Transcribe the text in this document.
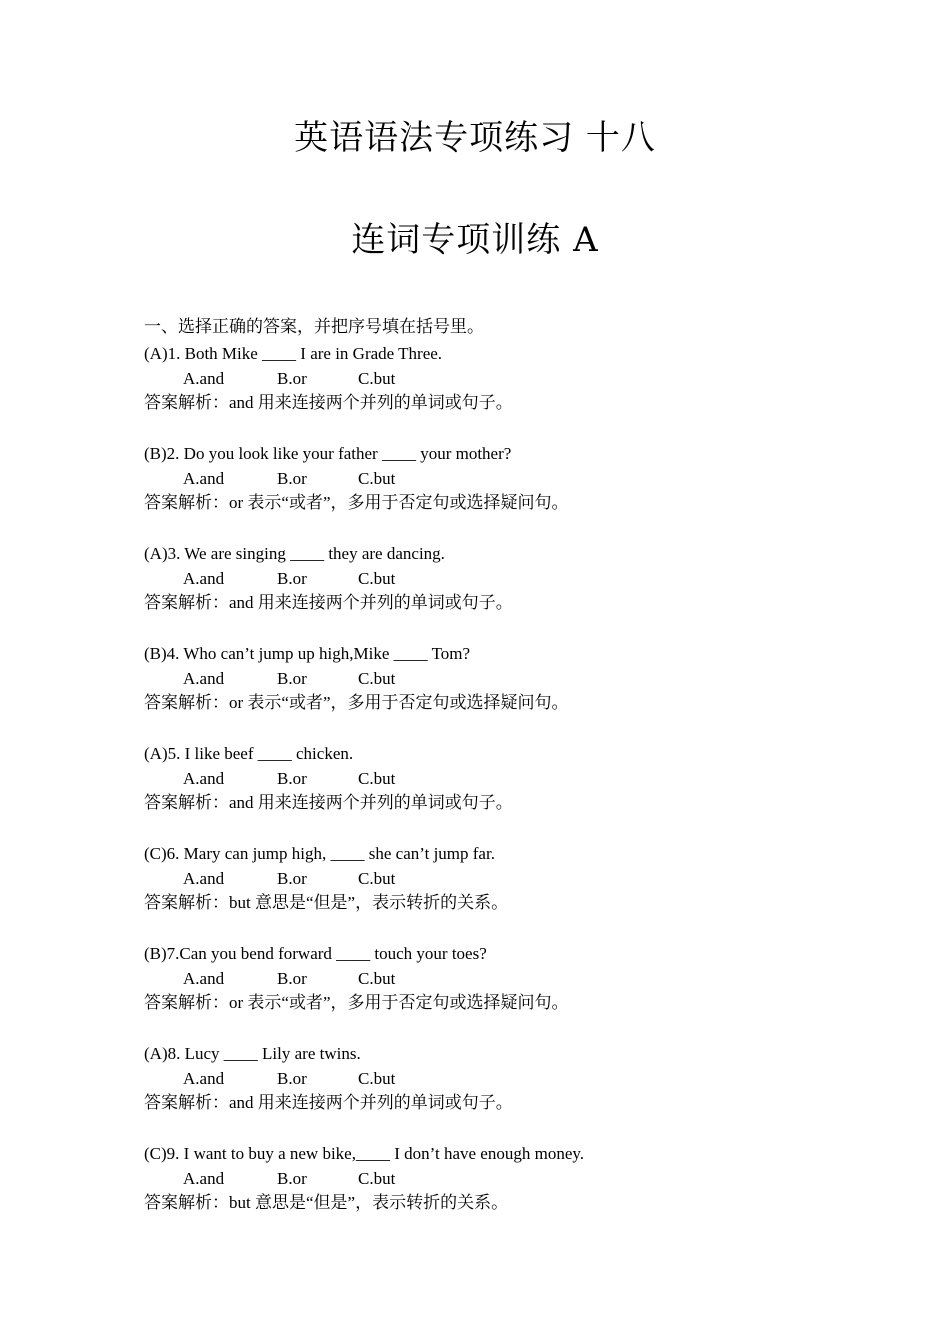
英语语法专项练习 十八
连词专项训练 A
一、选择正确的答案，并把序号填在括号里。
(A)1. Both Mike ____ I are in Grade Three.
A.and	B.or	C.but
答案解析：and 用来连接两个并列的单词或句子。
(B)2. Do you look like your father ____ your mother?
A.and	B.or	C.but
答案解析：or 表示“或者”，多用于否定句或选择疑问句。
(A)3. We are singing ____ they are dancing.
A.and	B.or	C.but
答案解析：and 用来连接两个并列的单词或句子。
(B)4. Who can’t jump up high,Mike ____ Tom?
A.and	B.or	C.but
答案解析：or 表示“或者”，多用于否定句或选择疑问句。
(A)5. I like beef ____ chicken.
A.and	B.or	C.but
答案解析：and 用来连接两个并列的单词或句子。
(C)6. Mary can jump high, ____ she can’t jump far.
A.and	B.or	C.but
答案解析：but 意思是“但是”，表示转折的关系。
(B)7.Can you bend forward ____ touch your toes?
A.and	B.or	C.but
答案解析：or 表示“或者”，多用于否定句或选择疑问句。
(A)8. Lucy ____ Lily are twins.
A.and	B.or	C.but
答案解析：and 用来连接两个并列的单词或句子。
(C)9. I want to buy a new bike,____ I don’t have enough money.
A.and	B.or	C.but
答案解析：but 意思是“但是”，表示转折的关系。
